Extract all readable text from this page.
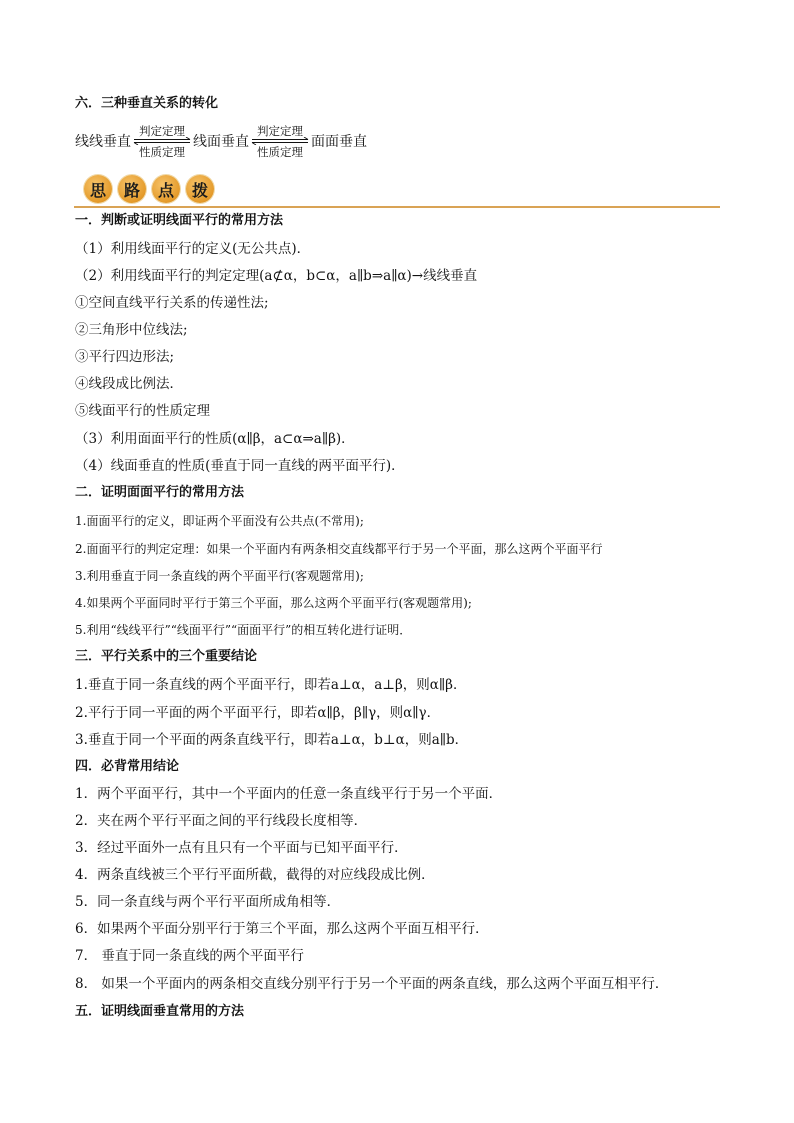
六．三种垂直关系的转化
线线垂直
判定定理
性质定理
线面垂直
判定定理
性质定理
面面垂直
思	路	点	拨
一．判断或证明线面平行的常用方法
（1）利用线面平行的定义(无公共点)．
（2）利用线面平行的判定定理(a⊄α，b⊂α，a∥b⇒a∥α)→线线垂直
①空间直线平行关系的传递性法;
②三角形中位线法;
③平行四边形法;
④线段成比例法．
⑤线面平行的性质定理
（3）利用面面平行的性质(α∥β，a⊂α⇒a∥β)．
（4）线面垂直的性质(垂直于同一直线的两平面平行)．
二．证明面面平行的常用方法
1.面面平行的定义，即证两个平面没有公共点(不常用);
2.面面平行的判定定理：如果一个平面内有两条相交直线都平行于另一个平面，那么这两个平面平行
3.利用垂直于同一条直线的两个平面平行(客观题常用);
4.如果两个平面同时平行于第三个平面，那么这两个平面平行(客观题常用);
5.利用“线线平行”“线面平行”“面面平行”的相互转化进行证明．
三．平行关系中的三个重要结论
1.垂直于同一条直线的两个平面平行，即若a⊥α，a⊥β，则α∥β．
2.平行于同一平面的两个平面平行，即若α∥β，β∥γ，则α∥γ．
3.垂直于同一个平面的两条直线平行，即若a⊥α，b⊥α，则a∥b．
四．必背常用结论
1．两个平面平行，其中一个平面内的任意一条直线平行于另一个平面．
2．夹在两个平行平面之间的平行线段长度相等．
3．经过平面外一点有且只有一个平面与已知平面平行．
4．两条直线被三个平行平面所截，截得的对应线段成比例．
5．同一条直线与两个平行平面所成角相等．
6．如果两个平面分别平行于第三个平面，那么这两个平面互相平行．
7． 垂直于同一条直线的两个平面平行
8． 如果一个平面内的两条相交直线分别平行于另一个平面的两条直线，那么这两个平面互相平行．
五．证明线面垂直常用的方法
